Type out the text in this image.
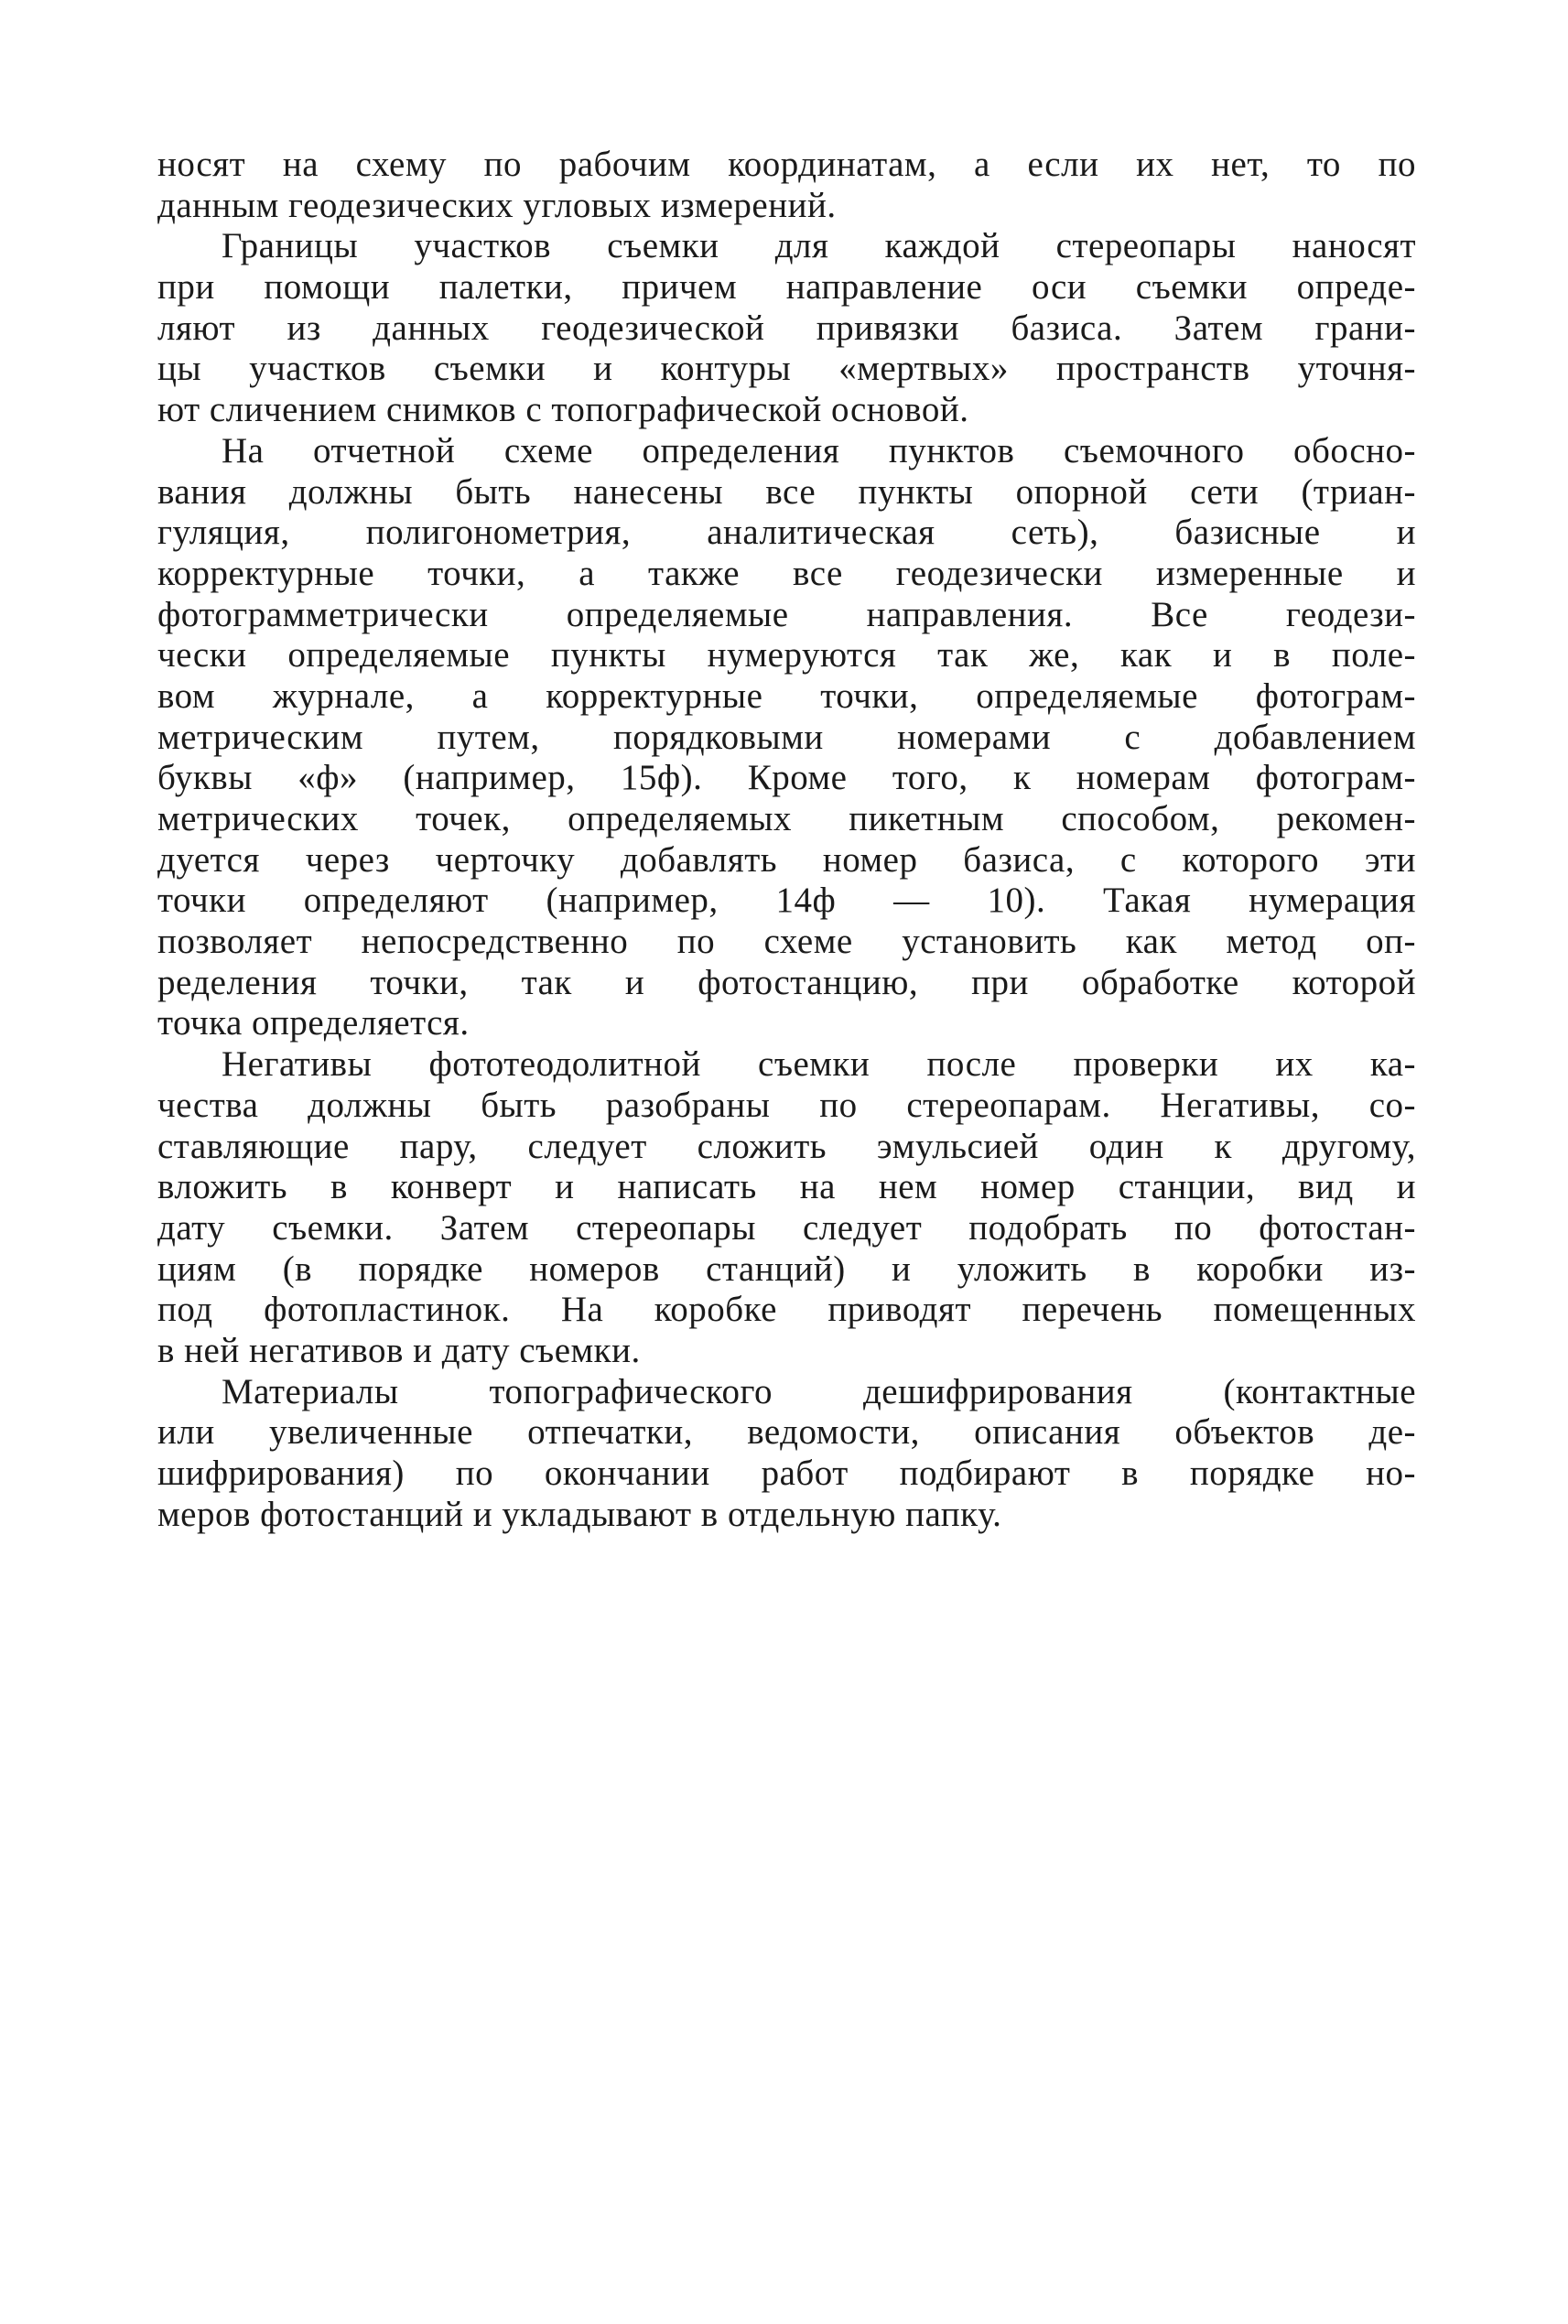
носят на схему по рабочим координатам, а если их нет, то по
данным геодезических угловых измерений.
Границы участков съемки для каждой стереопары наносят
при помощи палетки, причем направление оси съемки опреде-
ляют из данных геодезической привязки базиса. Затем грани-
цы участков съемки и контуры «мертвых» пространств уточня-
ют сличением снимков с топографической основой.
На отчетной схеме определения пунктов съемочного обосно-
вания должны быть нанесены все пункты опорной сети (триан-
гуляция, полигонометрия, аналитическая сеть), базисные и
корректурные точки, а также все геодезически измеренные и
фотограмметрически определяемые направления. Все геодези-
чески определяемые пункты нумеруются так же, как и в поле-
вом журнале, а корректурные точки, определяемые фотограм-
метрическим путем, порядковыми номерами с добавлением
буквы «ф» (например, 15ф). Кроме того, к номерам фотограм-
метрических точек, определяемых пикетным способом, рекомен-
дуется через черточку добавлять номер базиса, с которого эти
точки определяют (например, 14ф — 10). Такая нумерация
позволяет непосредственно по схеме установить как метод оп-
ределения точки, так и фотостанцию, при обработке которой
точка определяется.
Негативы фототеодолитной съемки после проверки их ка-
чества должны быть разобраны по стереопарам. Негативы, со-
ставляющие пару, следует сложить эмульсией один к другому,
вложить в конверт и написать на нем номер станции, вид и
дату съемки. Затем стереопары следует подобрать по фотостан-
циям (в порядке номеров станций) и уложить в коробки из-
под фотопластинок. На коробке приводят перечень помещенных
в ней негативов и дату съемки.
Материалы топографического дешифрирования (контактные
или увеличенные отпечатки, ведомости, описания объектов де-
шифрирования) по окончании работ подбирают в порядке но-
меров фотостанций и укладывают в отдельную папку.
